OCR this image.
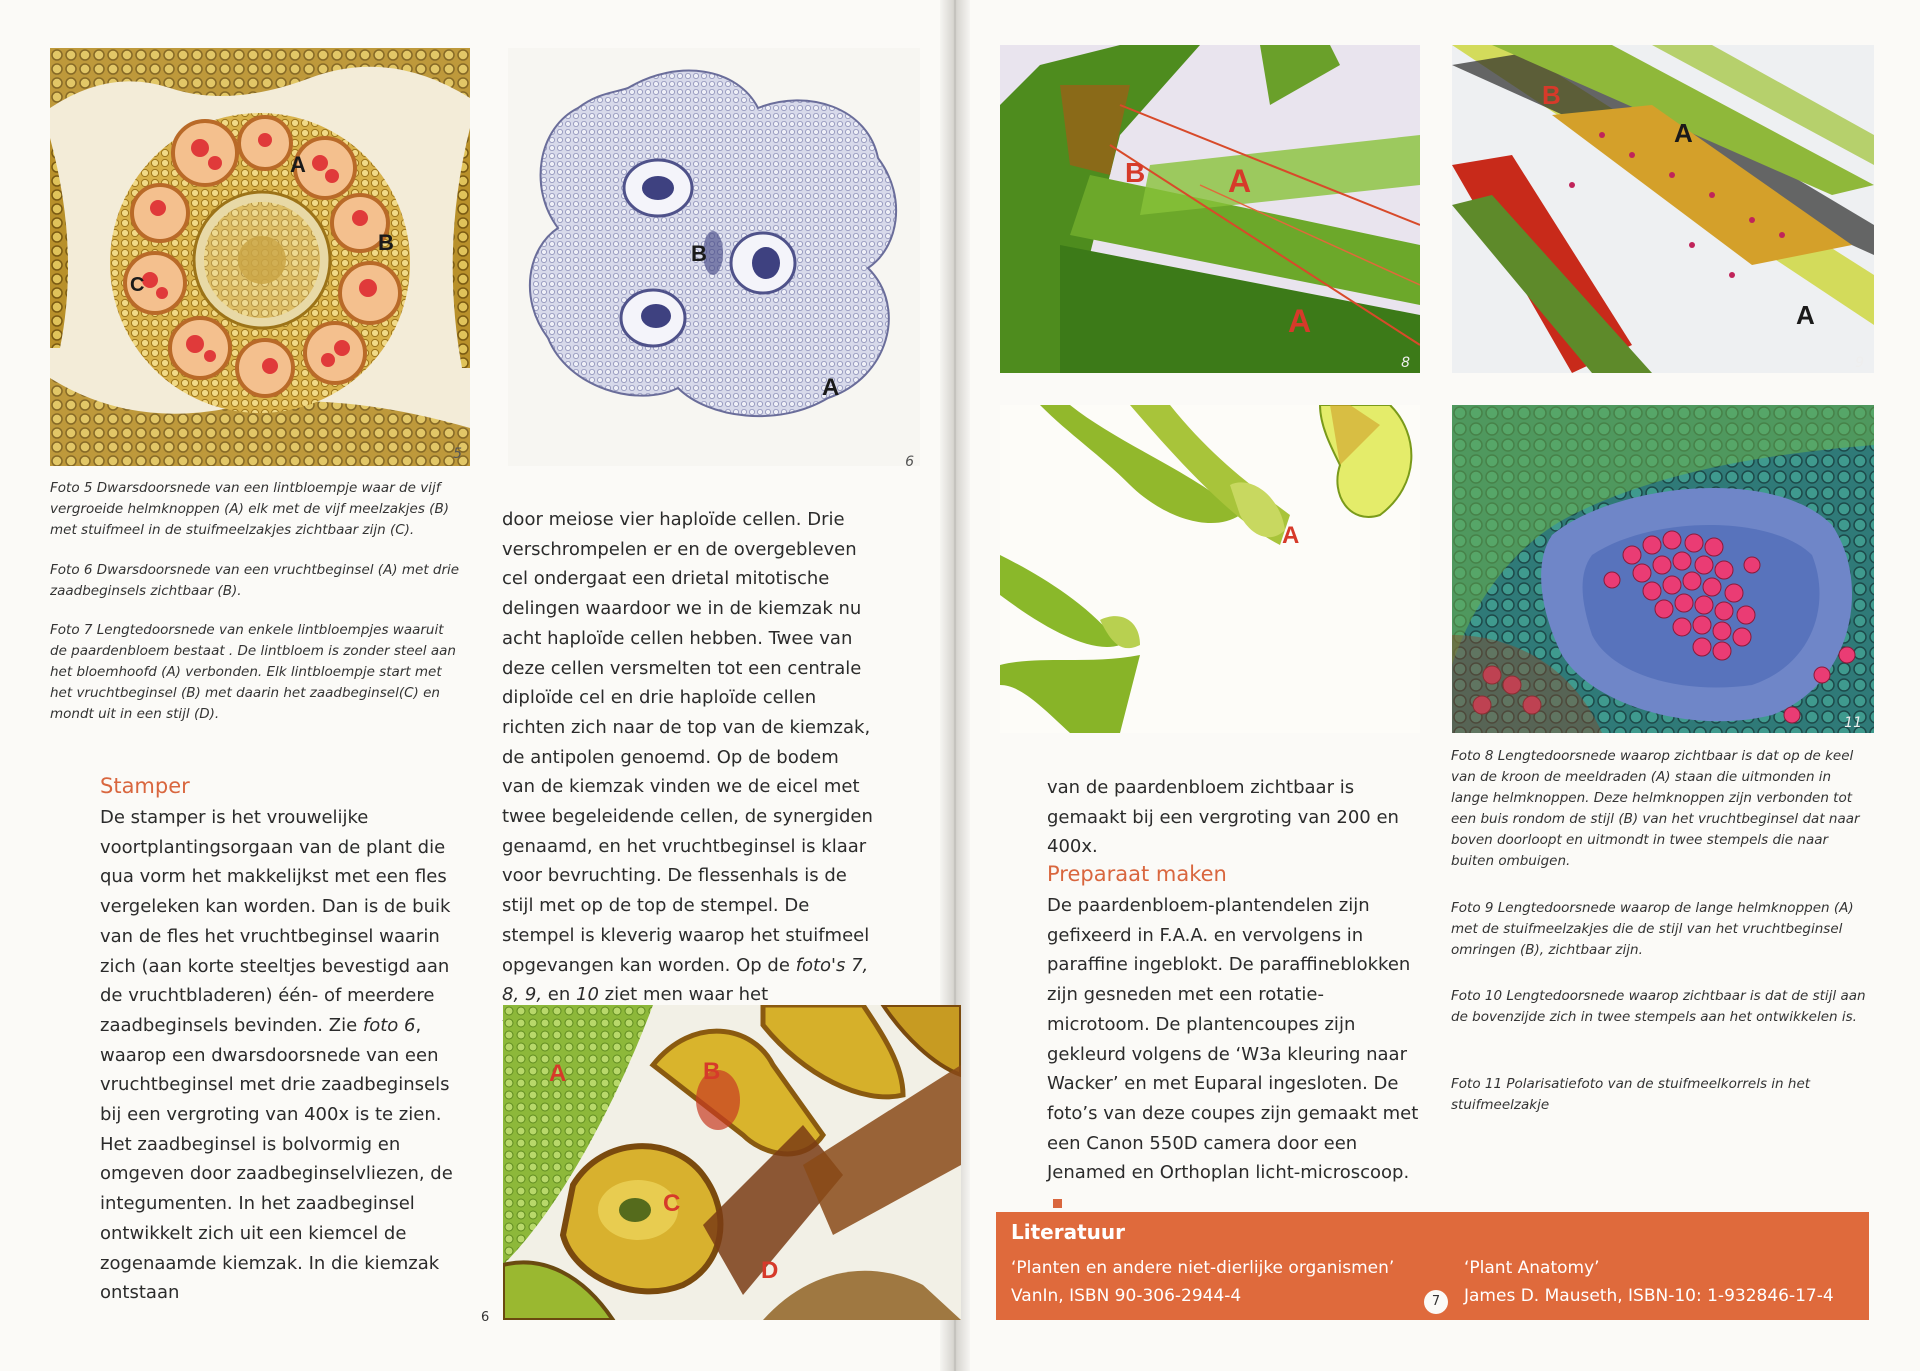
A
B
C
5
A
B
6
Foto 5 Dwarsdoorsnede van een lintbloempje waar de vijf vergroeide helmknoppen (A) elk met de vijf meelzakjes (B) met stuifmeel in de stuifmeelzakjes zichtbaar zijn (C).
Foto 6 Dwarsdoorsnede van een vruchtbeginsel (A) met drie zaadbeginsels zichtbaar (B).
Foto 7 Lengtedoorsnede van enkele lintbloempjes waaruit de paardenbloem bestaat . De lintbloem is zonder steel aan het bloemhoofd (A) verbonden. Elk lintbloempje start met het vruchtbeginsel (B) met daarin het zaadbeginsel(C) en mondt uit in een stijl (D).
Stamper

De stamper is het vrouwelijke voortplantingsorgaan van de plant die qua vorm het makkelijkst met een fles vergeleken kan worden. Dan is de buik van de fles het vruchtbeginsel waarin zich (aan korte steeltjes bevestigd aan de vruchtbladeren) één- of meerdere zaadbeginsels bevinden. Zie foto 6, waarop een dwarsdoorsnede van een vruchtbeginsel met drie zaadbeginsels bij een vergroting van 400x is te zien. Het zaadbeginsel is bolvormig en omgeven door zaadbeginselvliezen, de integumenten. In het zaadbeginsel ontwikkelt zich uit een kiemcel de zogenaamde kiemzak. In die kiemzak ontstaan

door meiose vier haploïde cellen. Drie verschrompelen er en de overgebleven cel ondergaat een drietal mitotische delingen waardoor we in de kiemzak nu acht haploïde cellen hebben. Twee van deze cellen versmelten tot een centrale diploïde cel en drie haploïde cellen richten zich naar de top van de kiemzak, de antipolen genoemd. Op de bodem van de kiemzak vinden we de eicel met twee begeleidende cellen, de synergiden genaamd, en het vruchtbeginsel is klaar voor bevruchting. De flessenhals is de stijl met op de top de stempel. De stempel is kleverig waarop het stuifmeel opgevangen kan worden. Op de foto's 7, 8, 9, en 10 ziet men waar het

A	B
C
D
6
B	A
A
8
B
A
A
9
A
11

van de paardenbloem zichtbaar is gemaakt bij een vergroting van 200 en 400x.

Preparaat maken

De paardenbloem-plantendelen zijn gefixeerd in F.A.A. en vervolgens in paraffine ingeblokt. De paraffineblokken zijn gesneden met een rotatie-microtoom. De plantencoupes zijn gekleurd volgens de ‘W3a kleuring naar Wacker’ en met Euparal ingesloten. De foto’s van deze coupes zijn gemaakt met een Canon 550D camera door een Jenamed en Orthoplan licht-microscoop.

Foto 8 Lengtedoorsnede waarop zichtbaar is dat op de keel van de kroon de meeldraden (A) staan die uitmonden in lange helmknoppen. Deze helmknoppen zijn verbonden tot een buis rondom de stijl (B) van het vruchtbeginsel dat naar boven doorloopt en uitmondt in twee stempels die naar buiten ombuigen.
Foto 9 Lengtedoorsnede waarop de lange helmknoppen (A) met de stuifmeelzakjes die de stijl van het vruchtbeginsel omringen (B), zichtbaar zijn.
Foto 10 Lengtedoorsnede waarop zichtbaar is dat de stijl aan de bovenzijde zich in twee stempels aan het ontwikkelen is.
Foto 11 Polarisatiefoto van de stuifmeelkorrels in het stuifmeelzakje
Literatuur
‘Planten en andere niet-dierlijke organismen’
VanIn, ISBN 90-306-2944-4
‘Plant Anatomy’
James D. Mauseth, ISBN-10: 1-932846-17-4
7
